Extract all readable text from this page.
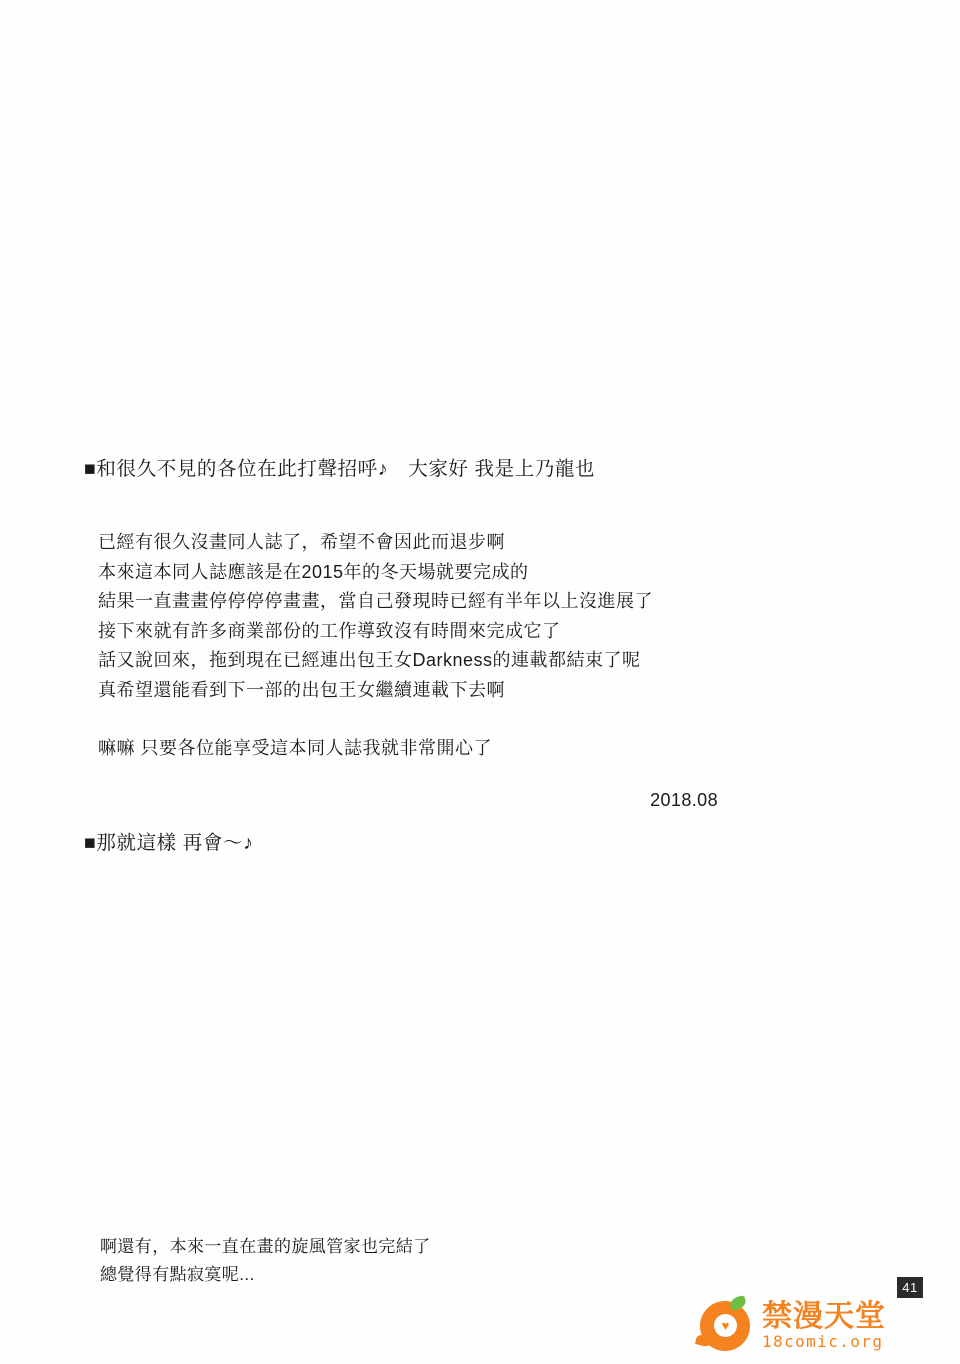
■和很久不見的各位在此打聲招呼♪　大家好 我是上乃龍也

已經有很久沒畫同人誌了，希望不會因此而退步啊

本來這本同人誌應該是在2015年的冬天場就要完成的

結果一直畫畫停停停停畫畫，當自己發現時已經有半年以上沒進展了

接下來就有許多商業部份的工作導致沒有時間來完成它了

話又說回來，拖到現在已經連出包王女Darkness的連載都結束了呢

真希望還能看到下一部的出包王女繼續連載下去啊

嘛嘛 只要各位能享受這本同人誌我就非常開心了
2018.08
■那就這樣 再會～♪

啊還有，本來一直在畫的旋風管家也完結了

總覺得有點寂寞呢...

41
♥ 禁漫天堂
18comic.org
